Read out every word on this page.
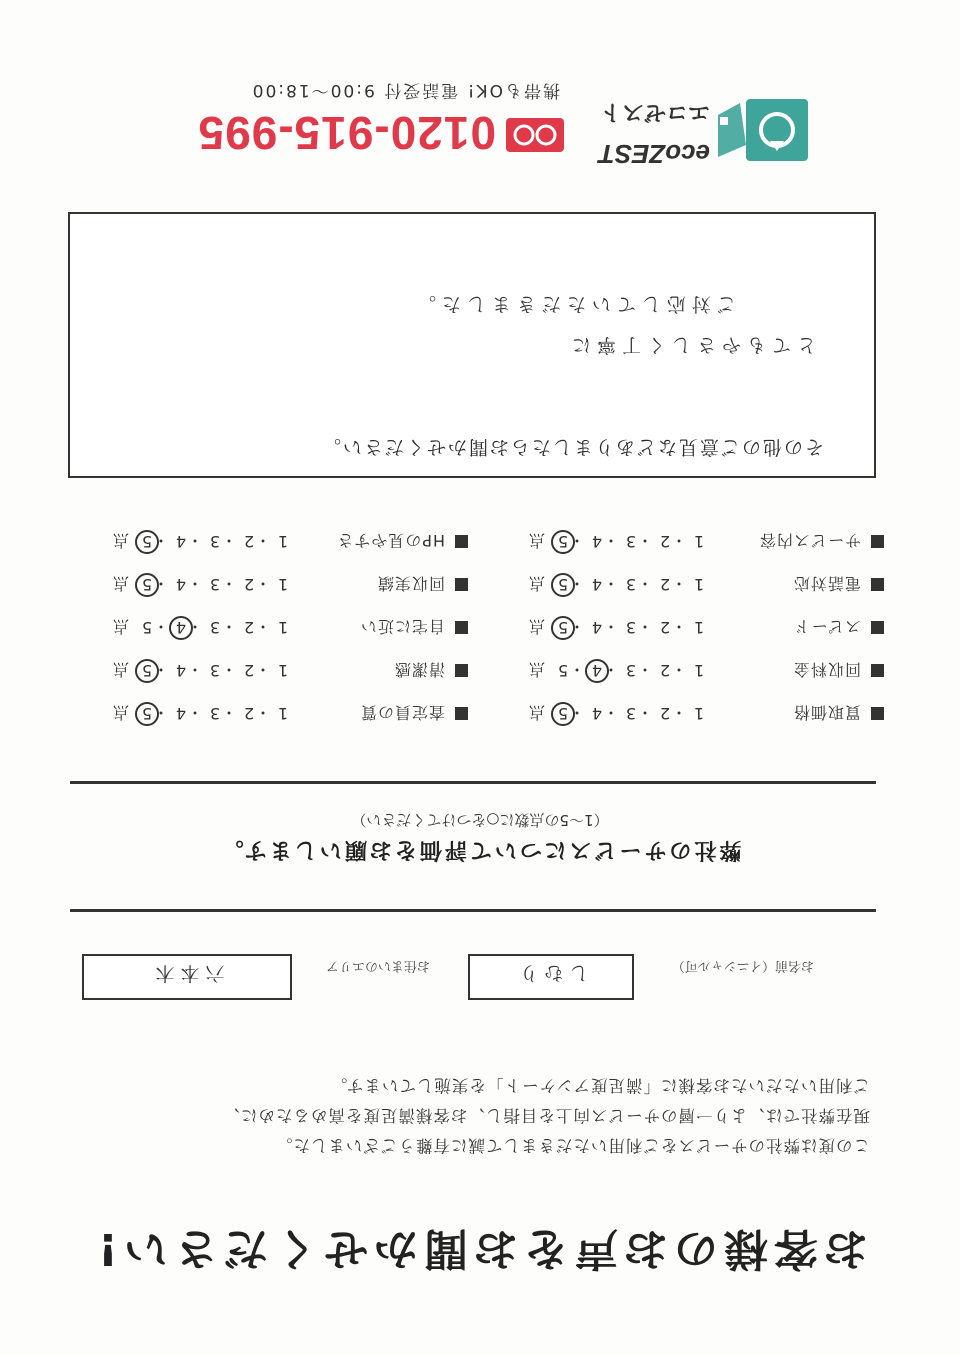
お客様のお声をお聞かせください!

この度は弊社のサービスをご利用いただきまして誠に有難うございました。

現在弊社では、より一層のサービス向上を目指し、お客様満足度を高めるために、

ご利用いただいたお客様に「満足度アンケート」を実施しています。

お名前（イニシャル可）
しむり
お住まいのエリア
六本木
弊社のサービスについて評価をお願いします。
（1〜5の点数に○をつけてください）
買取価格
1
・
2
・
3
・
4
・
5
点
回収料金
1
・
2
・
3
・
4
・
5
点
スピード
1
・
2
・
3
・
4
・
5
点
電話対応
1
・
2
・
3
・
4
・
5
点
サービス内容
1
・
2
・
3
・
4
・
5
点
査定員の質
1
・
2
・
3
・
4
・
5
点
清潔感
1
・
2
・
3
・
4
・
5
点
自宅に近い
1
・
2
・
3
・
4
・
5
点
回収実績
1
・
2
・
3
・
4
・
5
点
HPの見やすさ
1
・
2
・
3
・
4
・
5
点
その他のご意見などありましたらお聞かせください。
とてもやさしく丁寧に
ご対応していただきました。
ecoZEST
エコゼスト
0120-915-995
携帯もOK! 電話受付 9:00〜18:00
